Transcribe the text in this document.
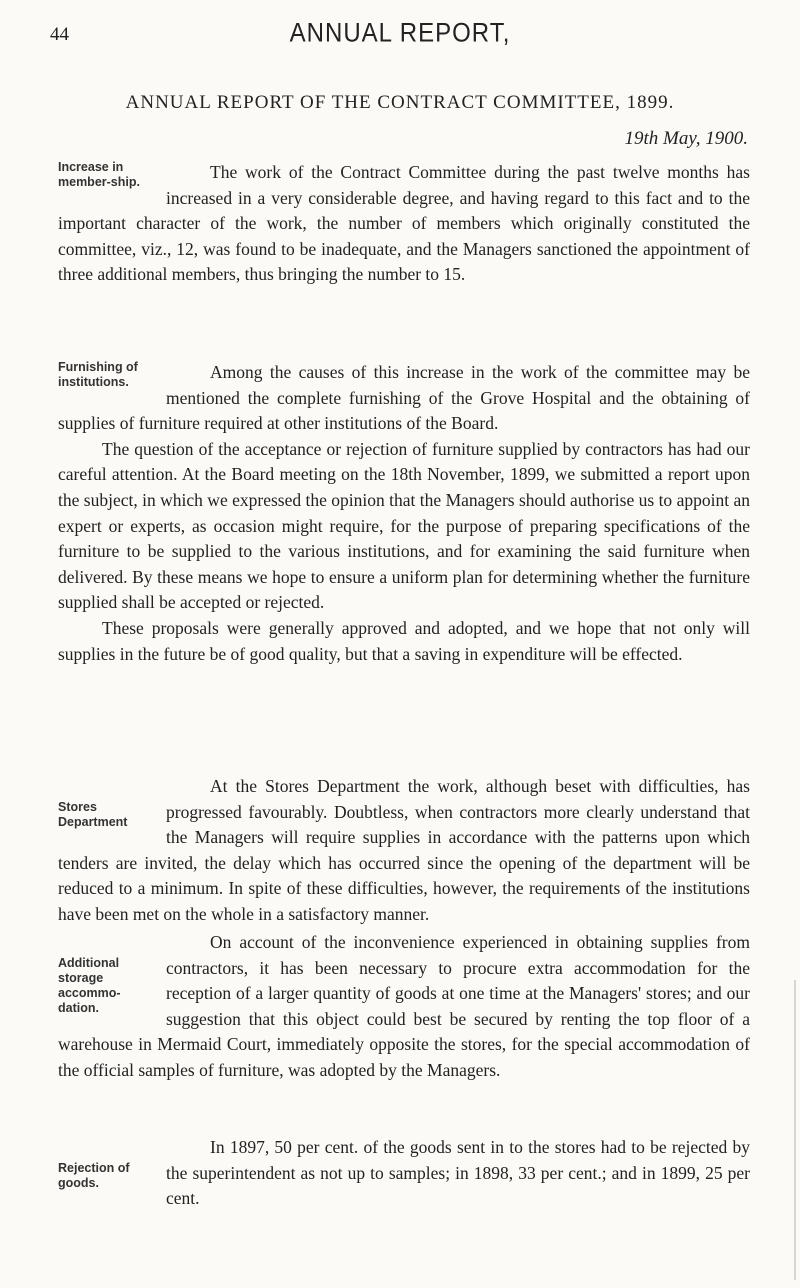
44	ANNUAL REPORT,
ANNUAL REPORT OF THE CONTRACT COMMITTEE, 1899.
19th May, 1900.
Increase in member-ship.	The work of the Contract Committee during the past twelve months has increased in a very considerable degree, and having regard to this fact and to the important character of the work, the number of members which originally constituted the committee, viz., 12, was found to be inadequate, and the Managers sanctioned the appointment of three additional members, thus bringing the number to 15.

Furnishing of institutions.	Among the causes of this increase in the work of the committee may be mentioned the complete furnishing of the Grove Hospital and the obtaining of supplies of furniture required at other institutions of the Board.

The question of the acceptance or rejection of furniture supplied by contractors has had our careful attention. At the Board meeting on the 18th November, 1899, we submitted a report upon the subject, in which we expressed the opinion that the Managers should authorise us to appoint an expert or experts, as occasion might require, for the purpose of preparing specifications of the furniture to be supplied to the various institutions, and for examining the said furniture when delivered. By these means we hope to ensure a uniform plan for determining whether the furniture supplied shall be accepted or rejected.

These proposals were generally approved and adopted, and we hope that not only will supplies in the future be of good quality, but that a saving in expenditure will be effected.

Stores Department

At the Stores Department the work, although beset with difficulties, has progressed favourably. Doubtless, when contractors more clearly understand that the Managers will require supplies in accordance with the patterns upon which tenders are invited, the delay which has occurred since the opening of the department will be reduced to a minimum. In spite of these difficulties, however, the requirements of the institutions have been met on the whole in a satisfactory manner.

Additional storage accommo-dation.

On account of the inconvenience experienced in obtaining supplies from contractors, it has been necessary to procure extra accommodation for the reception of a larger quantity of goods at one time at the Managers' stores; and our suggestion that this object could best be secured by renting the top floor of a warehouse in Mermaid Court, immediately opposite the stores, for the special accommodation of the official samples of furniture, was adopted by the Managers.

Rejection of goods.

In 1897, 50 per cent. of the goods sent in to the stores had to be rejected by the superintendent as not up to samples; in 1898, 33 per cent.; and in 1899, 25 per cent.
